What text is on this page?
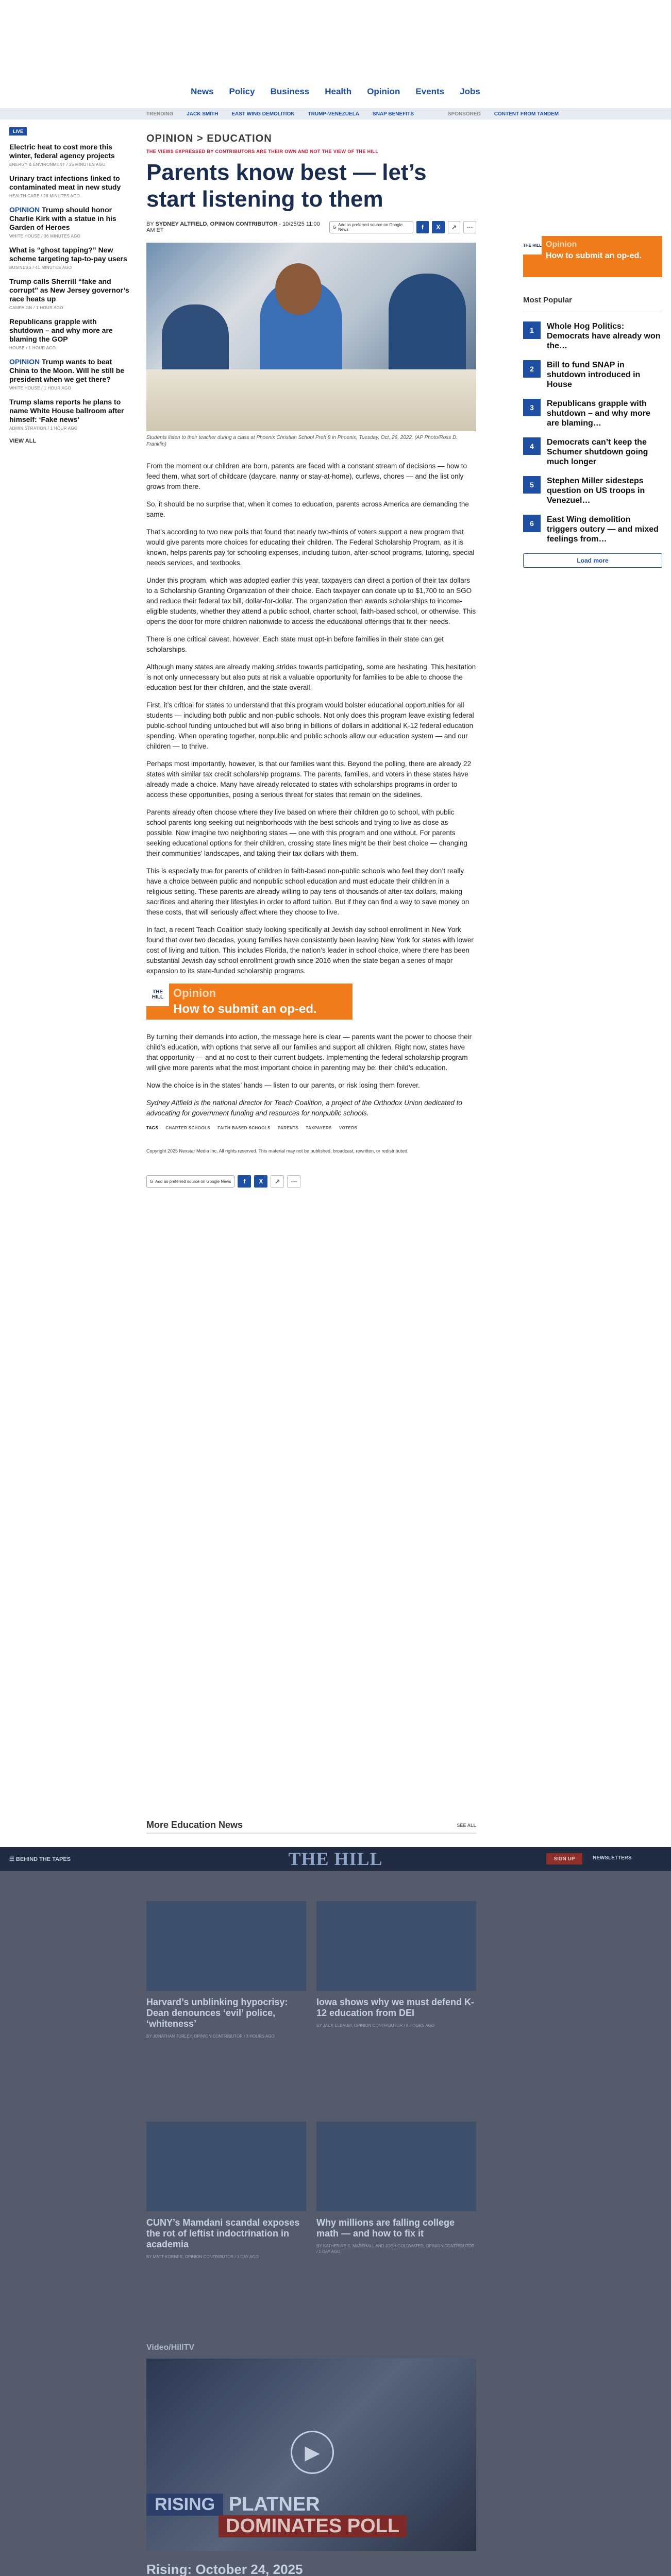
News Policy Business Health Opinion Events Jobs
TRENDING	JACK SMITH	EAST WING DEMOLITION	TRUMP-VENEZUELA	SNAP BENEFITS	SPONSORED	CONTENT FROM TANDEM
LIVE
Electric heat to cost more this winter, federal agency projects
ENERGY & ENVIRONMENT / 25 MINUTES AGO
Urinary tract infections linked to contaminated meat in new study
HEALTH CARE / 28 MINUTES AGO
OPINION Trump should honor Charlie Kirk with a statue in his Garden of Heroes
WHITE HOUSE / 36 MINUTES AGO
What is “ghost tapping?” New scheme targeting tap-to-pay users
BUSINESS / 41 MINUTES AGO
Trump calls Sherrill “fake and corrupt” as New Jersey governor’s race heats up
CAMPAIGN / 1 HOUR AGO
Republicans grapple with shutdown – and why more are blaming the GOP
HOUSE / 1 HOUR AGO
OPINION Trump wants to beat China to the Moon. Will he still be president when we get there?
WHITE HOUSE / 1 HOUR AGO
Trump slams reports he plans to name White House ballroom after himself: ‘Fake news’
ADMINISTRATION / 1 HOUR AGO
VIEW ALL
OPINION > EDUCATION
THE VIEWS EXPRESSED BY CONTRIBUTORS ARE THEIR OWN AND NOT THE VIEW OF THE HILL
Parents know best — let’s start listening to them
BY SYDNEY ALTFIELD, OPINION CONTRIBUTOR - 10/25/25 11:00 AM ET	G Add as preferred source on Google News	f	X	↗	⋯
Students listen to their teacher during a class at Phoenix Christian School Preh 8 in Phoenix, Tuesday, Oct. 26, 2022. (AP Photo/Ross D. Franklin)

From the moment our children are born, parents are faced with a constant stream of decisions — how to feed them, what sort of childcare (daycare, nanny or stay-at-home), curfews, chores — and the list only grows from there.

So, it should be no surprise that, when it comes to education, parents across America are demanding the same.

That’s according to two new polls that found that nearly two-thirds of voters support a new program that would give parents more choices for educating their children. The Federal Scholarship Program, as it is known, helps parents pay for schooling expenses, including tuition, after-school programs, tutoring, special needs services, and textbooks.

Under this program, which was adopted earlier this year, taxpayers can direct a portion of their tax dollars to a Scholarship Granting Organization of their choice. Each taxpayer can donate up to $1,700 to an SGO and reduce their federal tax bill, dollar-for-dollar. The organization then awards scholarships to income-eligible students, whether they attend a public school, charter school, faith-based school, or otherwise. This opens the door for more children nationwide to access the educational offerings that fit their needs.

There is one critical caveat, however. Each state must opt-in before families in their state can get scholarships.

Although many states are already making strides towards participating, some are hesitating. This hesitation is not only unnecessary but also puts at risk a valuable opportunity for families to be able to choose the education best for their children, and the state overall.

First, it’s critical for states to understand that this program would bolster educational opportunities for all students — including both public and non-public schools. Not only does this program leave existing federal public-school funding untouched but will also bring in billions of dollars in additional K-12 federal education spending. When operating together, nonpublic and public schools allow our education system — and our children — to thrive.

Perhaps most importantly, however, is that our families want this. Beyond the polling, there are already 22 states with similar tax credit scholarship programs. The parents, families, and voters in these states have already made a choice. Many have already relocated to states with scholarships programs in order to access these opportunities, posing a serious threat for states that remain on the sidelines.

Parents already often choose where they live based on where their children go to school, with public school parents long seeking out neighborhoods with the best schools and trying to live as close as possible. Now imagine two neighboring states — one with this program and one without. For parents seeking educational options for their children, crossing state lines might be their best choice — changing their communities’ landscapes, and taking their tax dollars with them.

This is especially true for parents of children in faith-based non-public schools who feel they don’t really have a choice between public and nonpublic school education and must educate their children in a religious setting. These parents are already willing to pay tens of thousands of after-tax dollars, making sacrifices and altering their lifestyles in order to afford tuition. But if they can find a way to save money on these costs, that will seriously affect where they choose to live.

In fact, a recent Teach Coalition study looking specifically at Jewish day school enrollment in New York found that over two decades, young families have consistently been leaving New York for states with lower cost of living and tuition. This includes Florida, the nation’s leader in school choice, where there has been substantial Jewish day school enrollment growth since 2016 when the state began a series of major expansion to its state-funded scholarship programs.

THE HILL Opinion
How to submit an op-ed.

By turning their demands into action, the message here is clear — parents want the power to choose their child’s education, with options that serve all our families and support all children. Right now, states have that opportunity — and at no cost to their current budgets. Implementing the federal scholarship program will give more parents what the most important choice in parenting may be: their child’s education.

Now the choice is in the states’ hands — listen to our parents, or risk losing them forever.

Sydney Altfield is the national director for Teach Coalition, a project of the Orthodox Union dedicated to advocating for government funding and resources for nonpublic schools.

TAGS CHARTER SCHOOLS FAITH BASED SCHOOLS PARENTS TAXPAYERS VOTERS
Copyright 2025 Nexstar Media Inc. All rights reserved. This material may not be published, broadcast, rewritten, or redistributed.
G Add as preferred source on Google News	f	X	↗	⋯
THE HILL Opinion
How to submit an op-ed.
Most Popular
1	Whole Hog Politics: Democrats have already won the…
2	Bill to fund SNAP in shutdown introduced in House
3	Republicans grapple with shutdown – and why more are blaming…
4	Democrats can’t keep the Schumer shutdown going much longer
5	Stephen Miller sidesteps question on US troops in Venezuel…
6	East Wing demolition triggers outcry — and mixed feelings from…
Load more
More Education News	SEE ALL
☰ BEHIND THE TAPES	THE HILL	SIGN UP	NEWSLETTERS
Harvard’s unblinking hypocrisy: Dean denounces ‘evil’ police, ‘whiteness’
BY JONATHAN TURLEY, OPINION CONTRIBUTOR / 3 HOURS AGO
Iowa shows why we must defend K-12 education from DEI
BY JACK ELBAUM, OPINION CONTRIBUTOR / 8 HOURS AGO
CUNY’s Mamdani scandal exposes the rot of leftist indoctrination in academia
BY MATT KORNER, OPINION CONTRIBUTOR / 1 DAY AGO
Why millions are falling college math — and how to fix it
BY KATHERINE S. MARSHALL AND JOSH GOLDWATER, OPINION CONTRIBUTOR / 1 DAY AGO
Video/HillTV
▶
RISING PLATNER
DOMINATES POLL
Rising: October 24, 2025
